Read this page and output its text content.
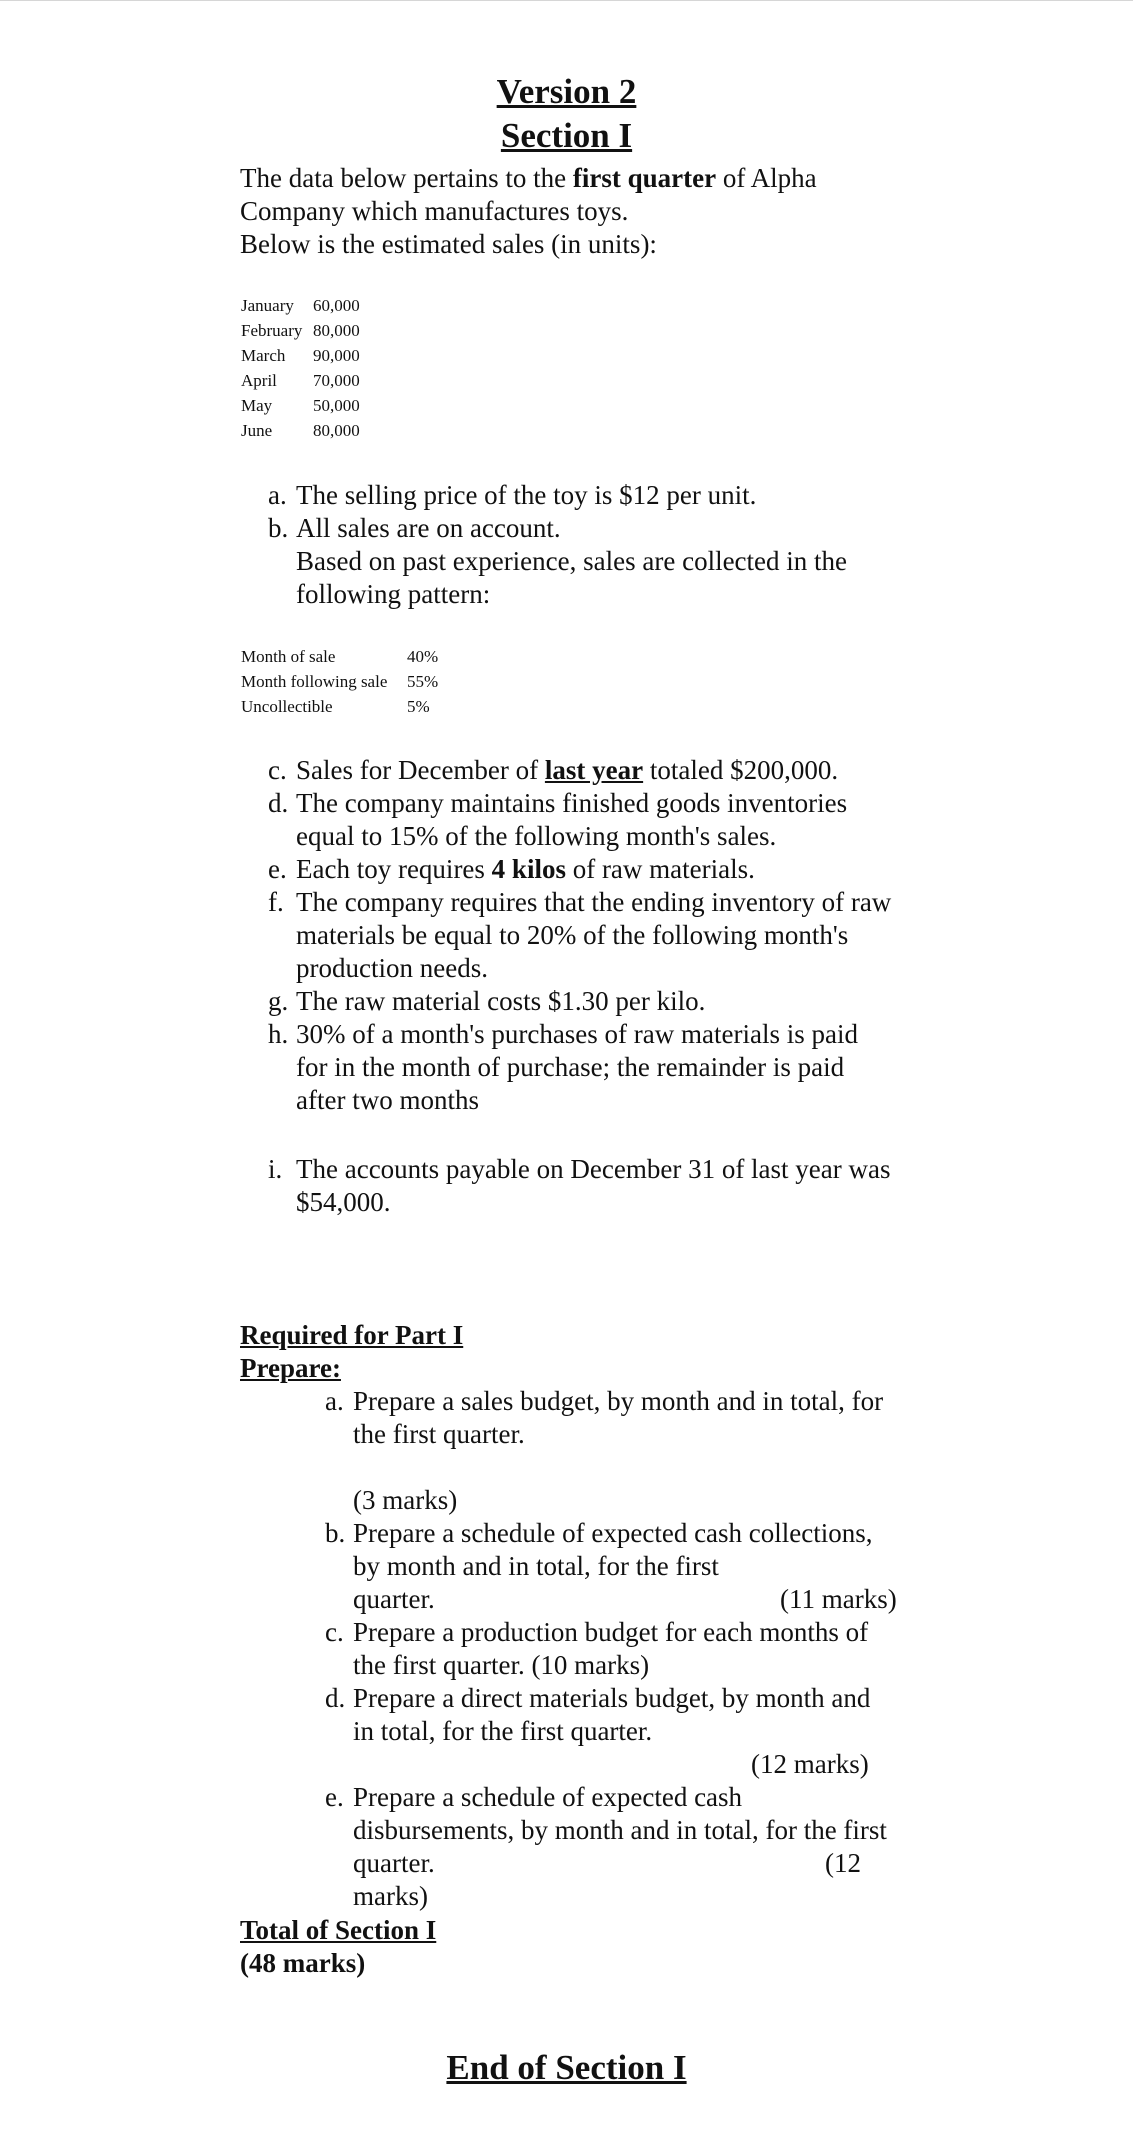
Version 2
Section I
The data below pertains to the first quarter of Alpha
Company which manufactures toys.
Below is the estimated sales (in units):
January	60,000
February	80,000
March	90,000
April	70,000
May	50,000
June	80,000
a. The selling price of the toy is $12 per unit.
b. All sales are on account.
Based on past experience, sales are collected in the
following pattern:
Month of sale	40%
Month following sale	55%
Uncollectible	5%
c. Sales for December of last year totaled $200,000.
d. The company maintains finished goods inventories
equal to 15% of the following month's sales.
e. Each toy requires 4 kilos of raw materials.
f. The company requires that the ending inventory of raw
materials be equal to 20% of the following month's
production needs.
g. The raw material costs $1.30 per kilo.
h. 30% of a month's purchases of raw materials is paid
for in the month of purchase; the remainder is paid
after two months
i. The accounts payable on December 31 of last year was
$54,000.
Required for Part I
Prepare:
a. Prepare a sales budget, by month and in total, for
the first quarter.
(3 marks)
b. Prepare a schedule of expected cash collections,
by month and in total, for the first
quarter.	(11 marks)
c. Prepare a production budget for each months of
the first quarter. (10 marks)
d. Prepare a direct materials budget, by month and
in total, for the first quarter.
(12 marks)
e. Prepare a schedule of expected cash
disbursements, by month and in total, for the first
quarter.	(12
marks)
Total of Section I
(48 marks)
End of Section I
